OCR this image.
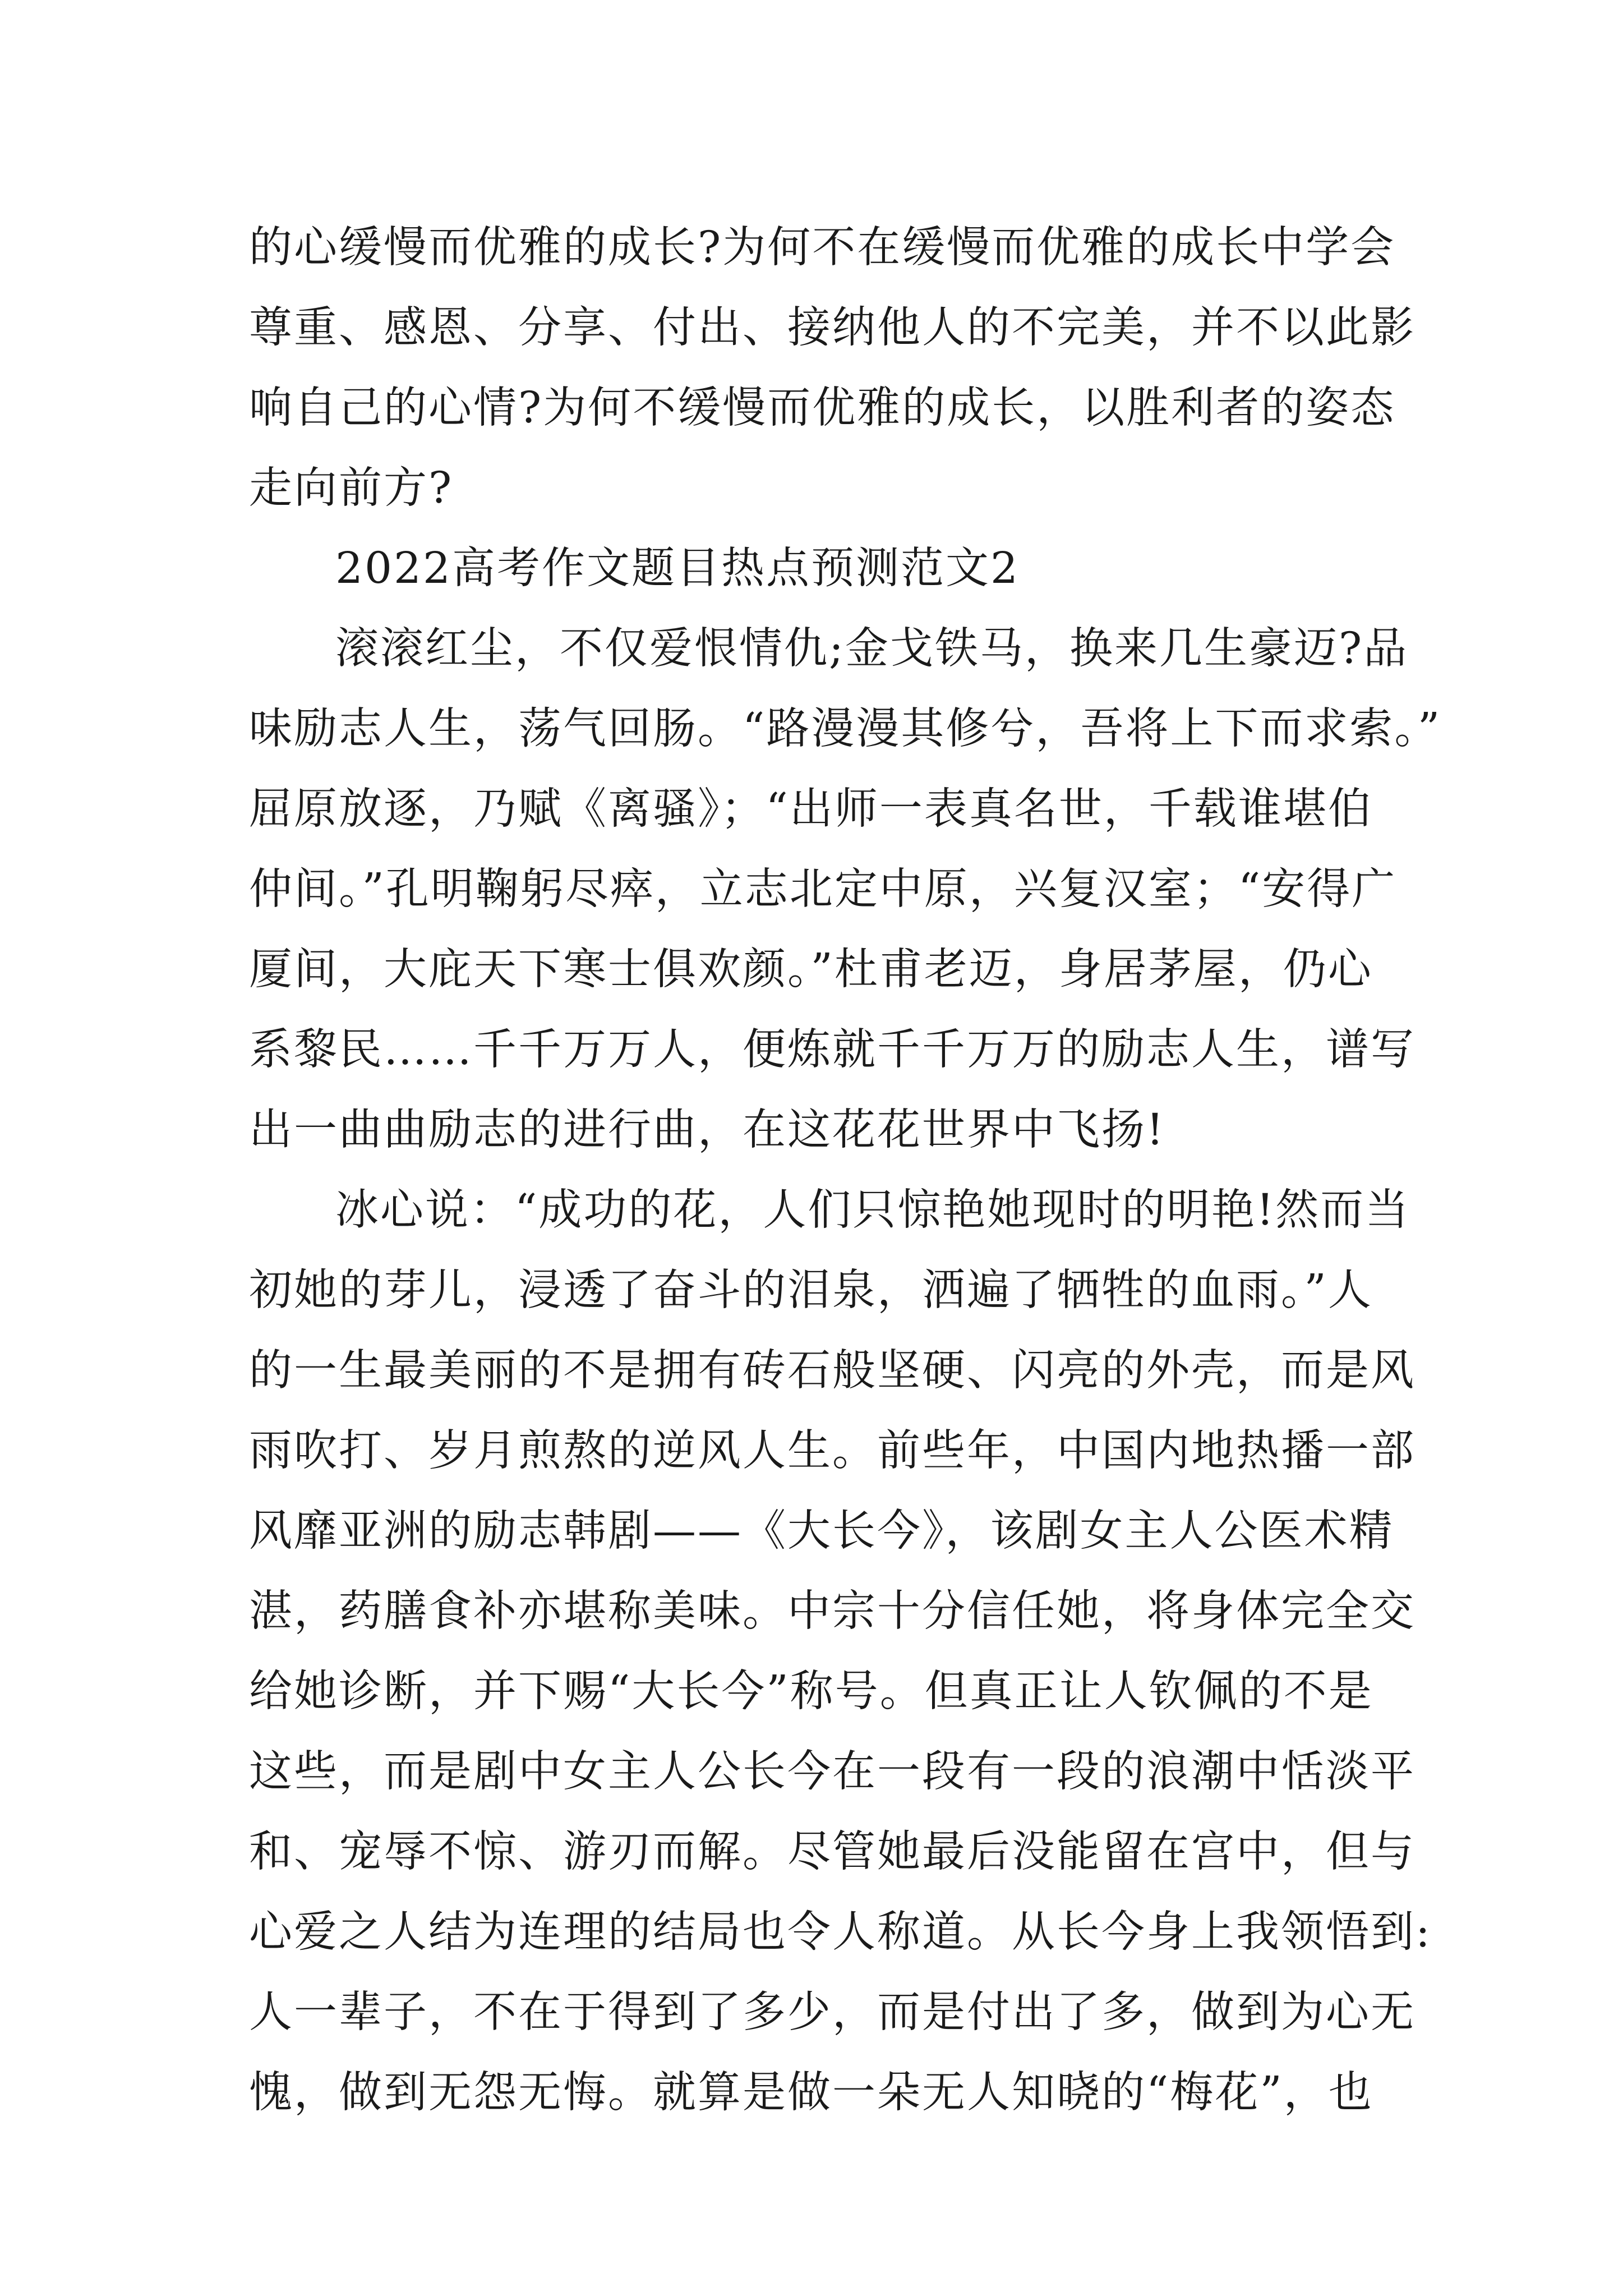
的心缓慢而优雅的成长?为何不在缓慢而优雅的成长中学会
尊重、感恩、分享、付出、接纳他人的不完美，并不以此影
响自己的心情?为何不缓慢而优雅的成长，以胜利者的姿态
走向前方?
2022高考作文题目热点预测范文2
滚滚红尘，不仅爱恨情仇;金戈铁马，换来几生豪迈?品
味励志人生，荡气回肠。“路漫漫其修兮，吾将上下而求索。”
屈原放逐，乃赋《离骚》；“出师一表真名世，千载谁堪伯
仲间。”孔明鞠躬尽瘁，立志北定中原，兴复汉室；“安得广
厦间，大庇天下寒士俱欢颜。”杜甫老迈，身居茅屋，仍心
系黎民……千千万万人，便炼就千千万万的励志人生，谱写
出一曲曲励志的进行曲，在这花花世界中飞扬!
冰心说：“成功的花，人们只惊艳她现时的明艳!然而当
初她的芽儿，浸透了奋斗的泪泉，洒遍了牺牲的血雨。”人
的一生最美丽的不是拥有砖石般坚硬、闪亮的外壳，而是风
雨吹打、岁月煎熬的逆风人生。前些年，中国内地热播一部
风靡亚洲的励志韩剧——《大长今》，该剧女主人公医术精
湛，药膳食补亦堪称美味。中宗十分信任她，将身体完全交
给她诊断，并下赐“大长今”称号。但真正让人钦佩的不是
这些，而是剧中女主人公长今在一段有一段的浪潮中恬淡平
和、宠辱不惊、游刃而解。尽管她最后没能留在宫中，但与
心爱之人结为连理的结局也令人称道。从长今身上我领悟到:
人一辈子，不在于得到了多少，而是付出了多，做到为心无
愧，做到无怨无悔。就算是做一朵无人知晓的“梅花”，也
